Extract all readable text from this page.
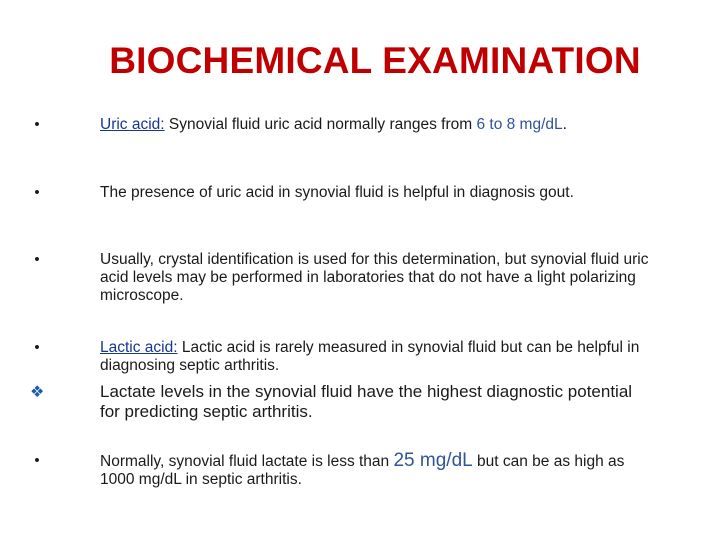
BIOCHEMICAL EXAMINATION
•	Uric acid: Synovial fluid uric acid normally ranges from 6 to 8 mg/dL.
•	The presence of uric acid in synovial fluid is helpful in diagnosis gout.
•	Usually, crystal identification is used for this determination, but synovial fluid uric acid levels may be performed in laboratories that do not have a light polarizing microscope.
•	Lactic acid: Lactic acid is rarely measured in synovial fluid but can be helpful in diagnosing septic arthritis.
❖	Lactate levels in the synovial fluid have the highest diagnostic potential for predicting septic arthritis.
•	Normally, synovial fluid lactate is less than 25 mg/dL but can be as high as 1000 mg/dL in septic arthritis.
